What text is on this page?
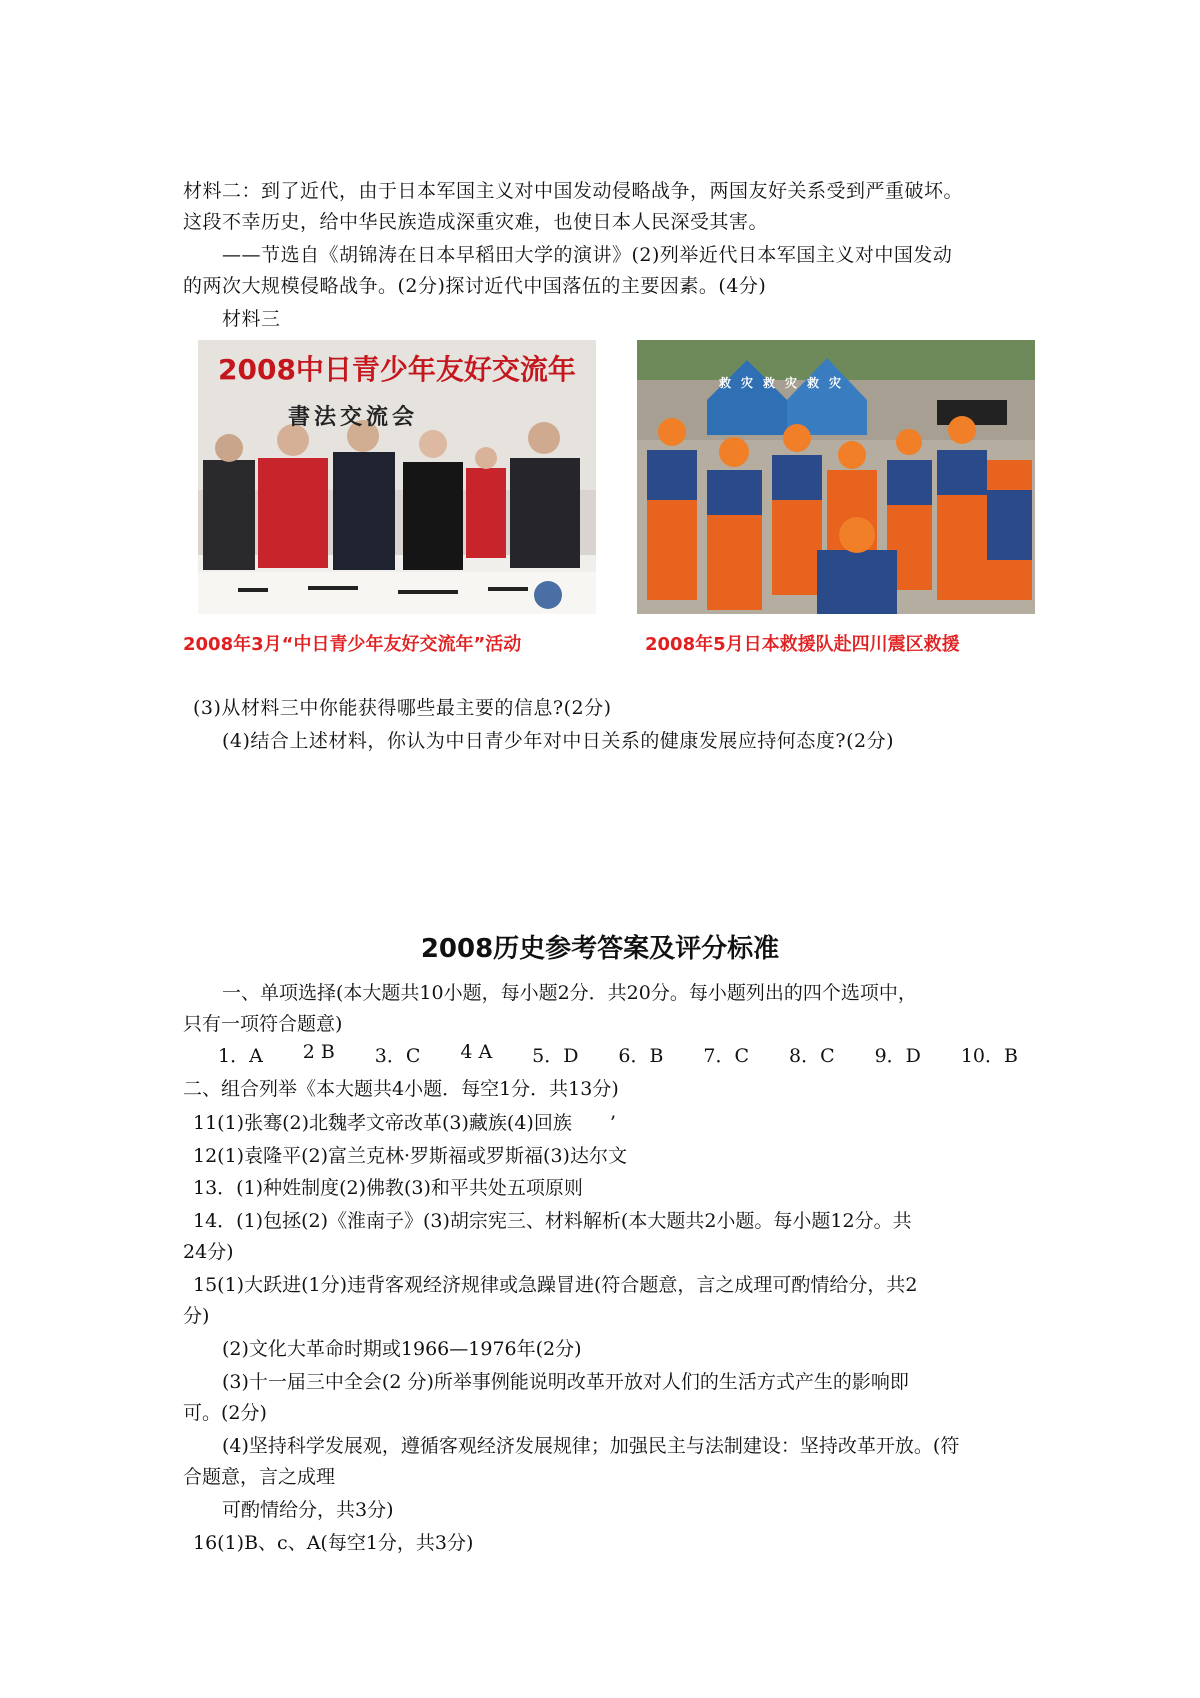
材料二：到了近代，由于日本军国主义对中国发动侵略战争，两国友好关系受到严重破坏。
这段不幸历史，给中华民族造成深重灾难，也使日本人民深受其害。
——节选自《胡锦涛在日本早稻田大学的演讲》(2)列举近代日本军国主义对中国发动
的两次大规模侵略战争。(2分)探讨近代中国落伍的主要因素。(4分)
材料三
2008中日青少年友好交流年
書法交流会
救灾救灾救灾
2008年3月“中日青少年友好交流年”活动	2008年5月日本救援队赴四川震区救援
(3)从材料三中你能获得哪些最主要的信息?(2分)
(4)结合上述材料，你认为中日青少年对中日关系的健康发展应持何态度?(2分)
2008历史参考答案及评分标准
一、单项选择(本大题共10小题，每小题2分．共20分。每小题列出的四个选项中，
只有一项符合题意)
1．A 2 B 3．C 4 A 5．D 6．B 7．C 8．C 9．D 10．B
二、组合列举《本大题共4小题．每空1分．共13分)
11(1)张骞(2)北魏孝文帝改革(3)藏族(4)回族　　’
12(1)袁隆平(2)富兰克林·罗斯福或罗斯福(3)达尔文
13．(1)种姓制度(2)佛教(3)和平共处五项原则
14．(1)包拯(2)《淮南子》(3)胡宗宪三、材料解析(本大题共2小题。每小题12分。共
24分)
15(1)大跃进(1分)违背客观经济规律或急躁冒进(符合题意，言之成理可酌情给分，共2
分)
(2)文化大革命时期或1966—1976年(2分)
(3)十一届三中全会(2 分)所举事例能说明改革开放对人们的生活方式产生的影响即
可。(2分)
(4)坚持科学发展观，遵循客观经济发展规律；加强民主与法制建设：坚持改革开放。(符
合题意，言之成理
可酌情给分，共3分)
16(1)B、c、A(每空1分，共3分)
